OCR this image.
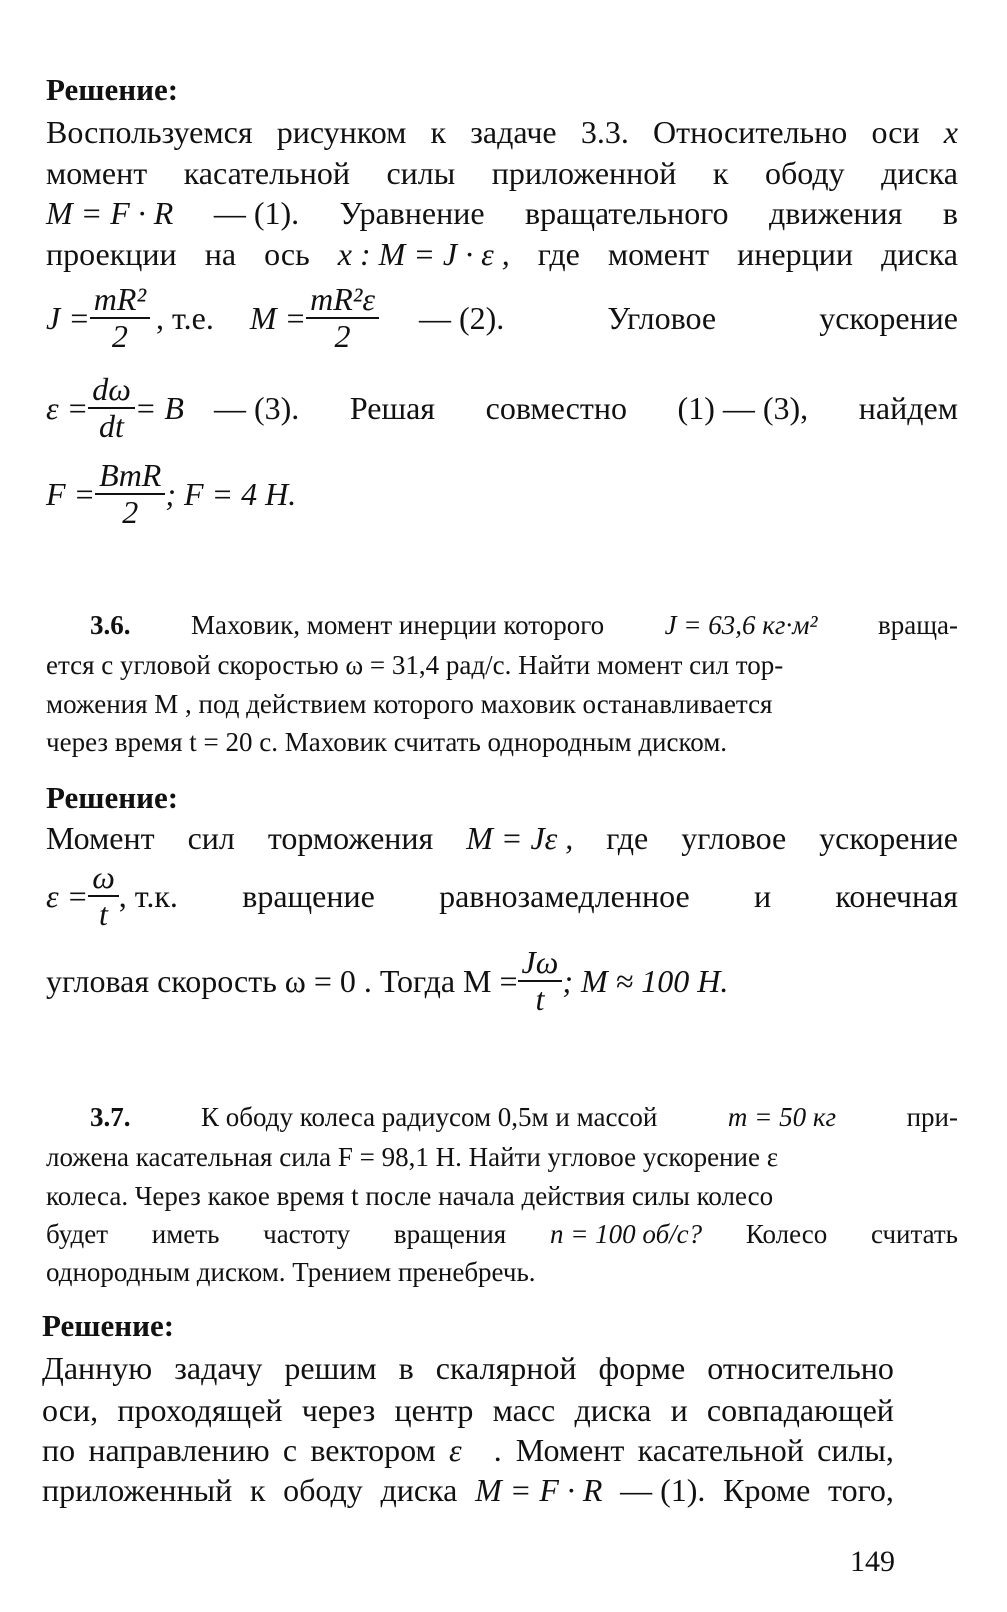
Решение:
Воспользуемся рисунком к задаче 3.3. Относительно оси x
момент касательной силы приложенной к ободу диска
M = F · R — (1). Уравнение вращательного движения в
проекции на ось x : M = J · ε , где момент инерции диска
$J = \frac{\text{mR²}}{2}$ , т.е. $M = \frac{\text{mR²ε}}{2}$ — (2).	Угловое	ускорение
$\varepsilon = \frac{d\omega}{dt} = B$ — (3). Решая совместно (1) — (3), найдем
$F = \frac{\text{BmR}}{2}$ ; F = 4 Н.
3.6. Маховик, момент инерции которого J = 63,6 кг·м² враща-
ется с угловой скоростью ω = 31,4 рад/с. Найти момент сил тор-
можения M , под действием которого маховик останавливается
через время t = 20 с. Маховик считать однородным диском.
Решение:
Момент сил торможения M = Jε , где угловое ускорение
$\varepsilon = \frac{\omega}{t}$ , т.к. вращение равнозамедленное и конечная
угловая скорость ω = 0 . Тогда $M = \frac{J\omega}{t}$ ; M ≈ 100 Н.
3.7.	К ободу колеса радиусом 0,5м и массой	m = 50 кг	при-
ложена касательная сила F = 98,1 Н. Найти угловое ускорение ε
колеса. Через какое время t после начала действия силы колесо
будет иметь частоту вращения n = 100 об/с? Колесо считать
однородным диском. Трением пренебречь.
Решение:
Данную задачу решим в скалярной форме относительно
оси, проходящей через центр масс диска и совпадающей
по направлению с вектором ε⃗ . Момент касательной силы,
приложенный к ободу диска M = F · R — (1). Кроме того,
149
